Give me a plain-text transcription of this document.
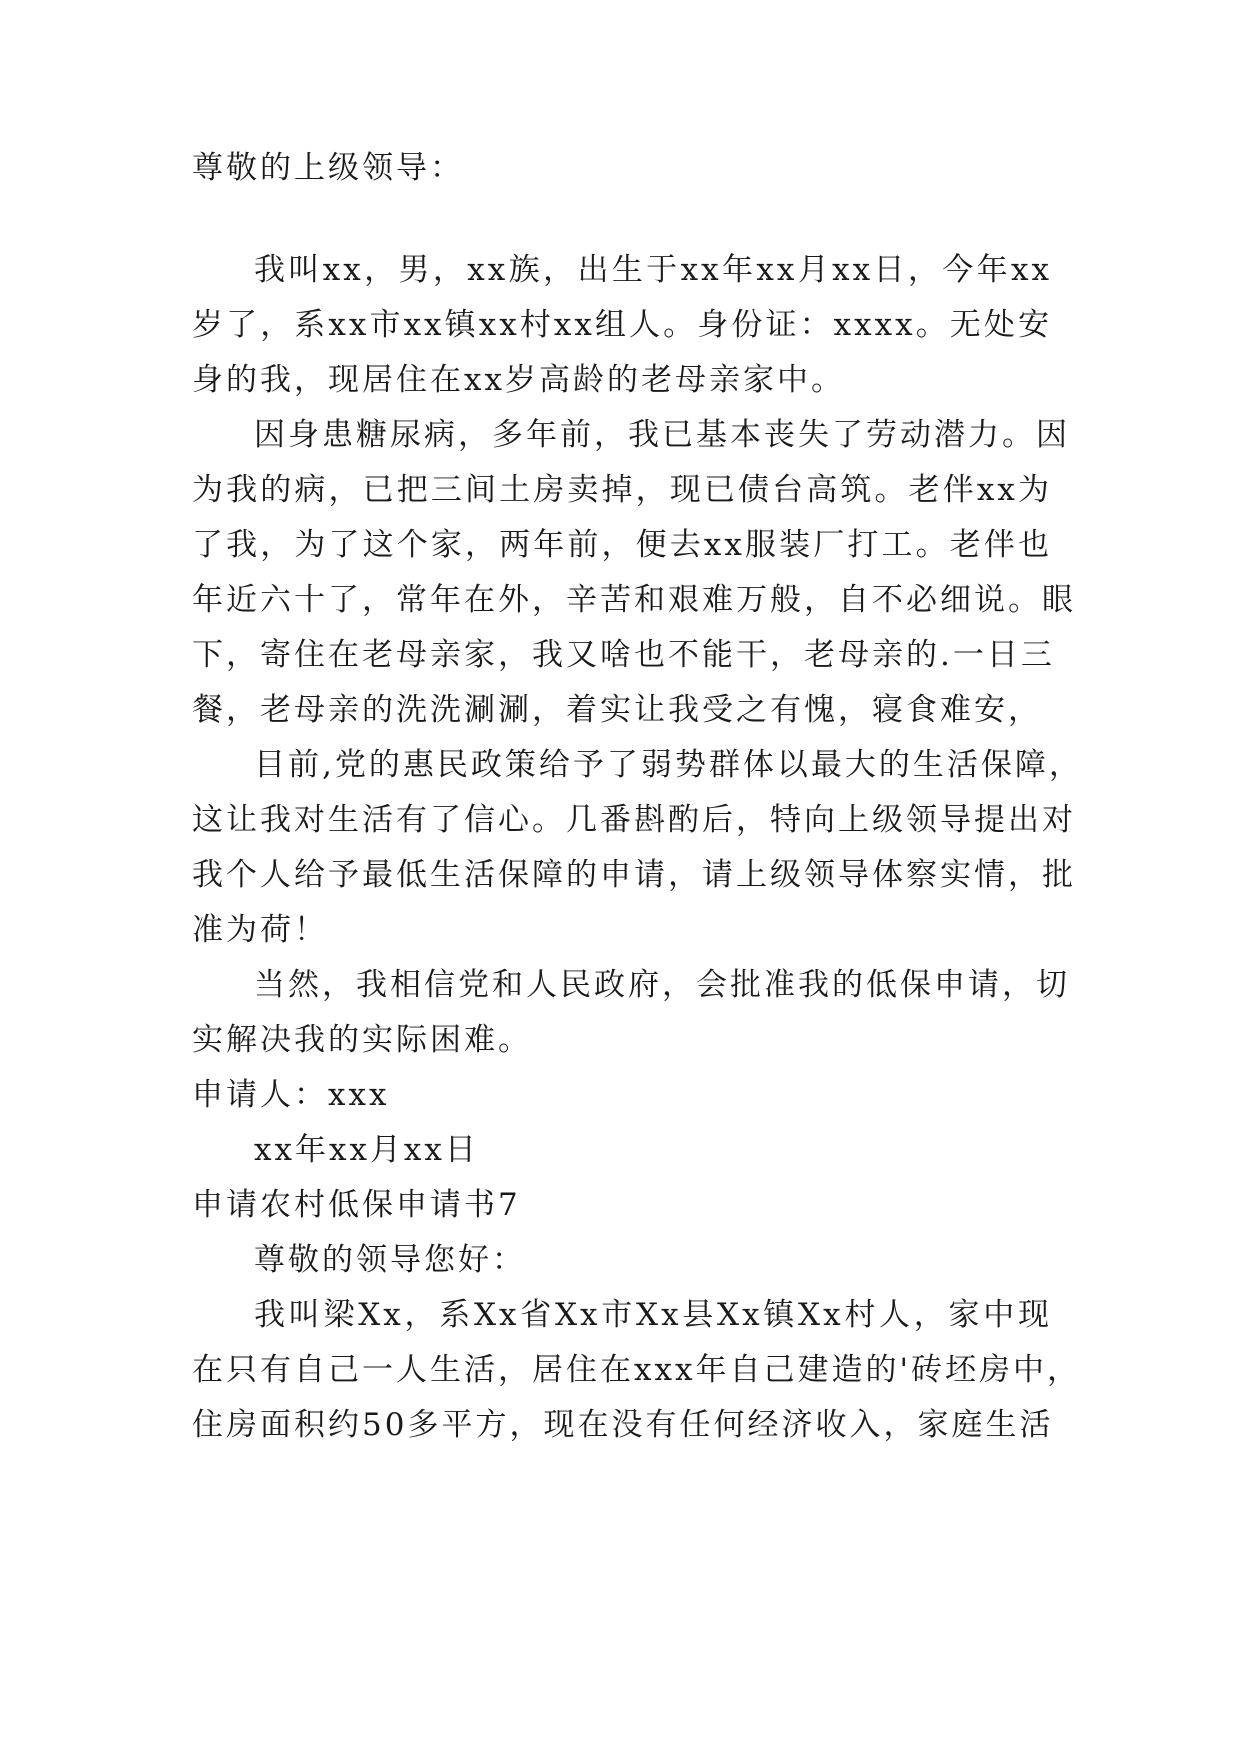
尊敬的上级领导：
我叫xx，男，xx族，出生于xx年xx月xx日，今年xx
岁了，系xx市xx镇xx村xx组人。身份证：xxxx。无处安
身的我，现居住在xx岁高龄的老母亲家中。
因身患糖尿病，多年前，我已基本丧失了劳动潜力。因
为我的病，已把三间土房卖掉，现已债台高筑。老伴xx为
了我，为了这个家，两年前，便去xx服装厂打工。老伴也
年近六十了，常年在外，辛苦和艰难万般，自不必细说。眼
下，寄住在老母亲家，我又啥也不能干，老母亲的.一日三
餐，老母亲的洗洗涮涮，着实让我受之有愧，寝食难安，
目前,党的惠民政策给予了弱势群体以最大的生活保障，
这让我对生活有了信心。几番斟酌后，特向上级领导提出对
我个人给予最低生活保障的申请，请上级领导体察实情，批
准为荷！
当然，我相信党和人民政府，会批准我的低保申请，切
实解决我的实际困难。
申请人：xxx
xx年xx月xx日
申请农村低保申请书7
尊敬的领导您好：
我叫梁Xx，系Xx省Xx市Xx县Xx镇Xx村人，家中现
在只有自己一人生活，居住在xxx年自己建造的'砖坯房中，
住房面积约50多平方，现在没有任何经济收入，家庭生活
